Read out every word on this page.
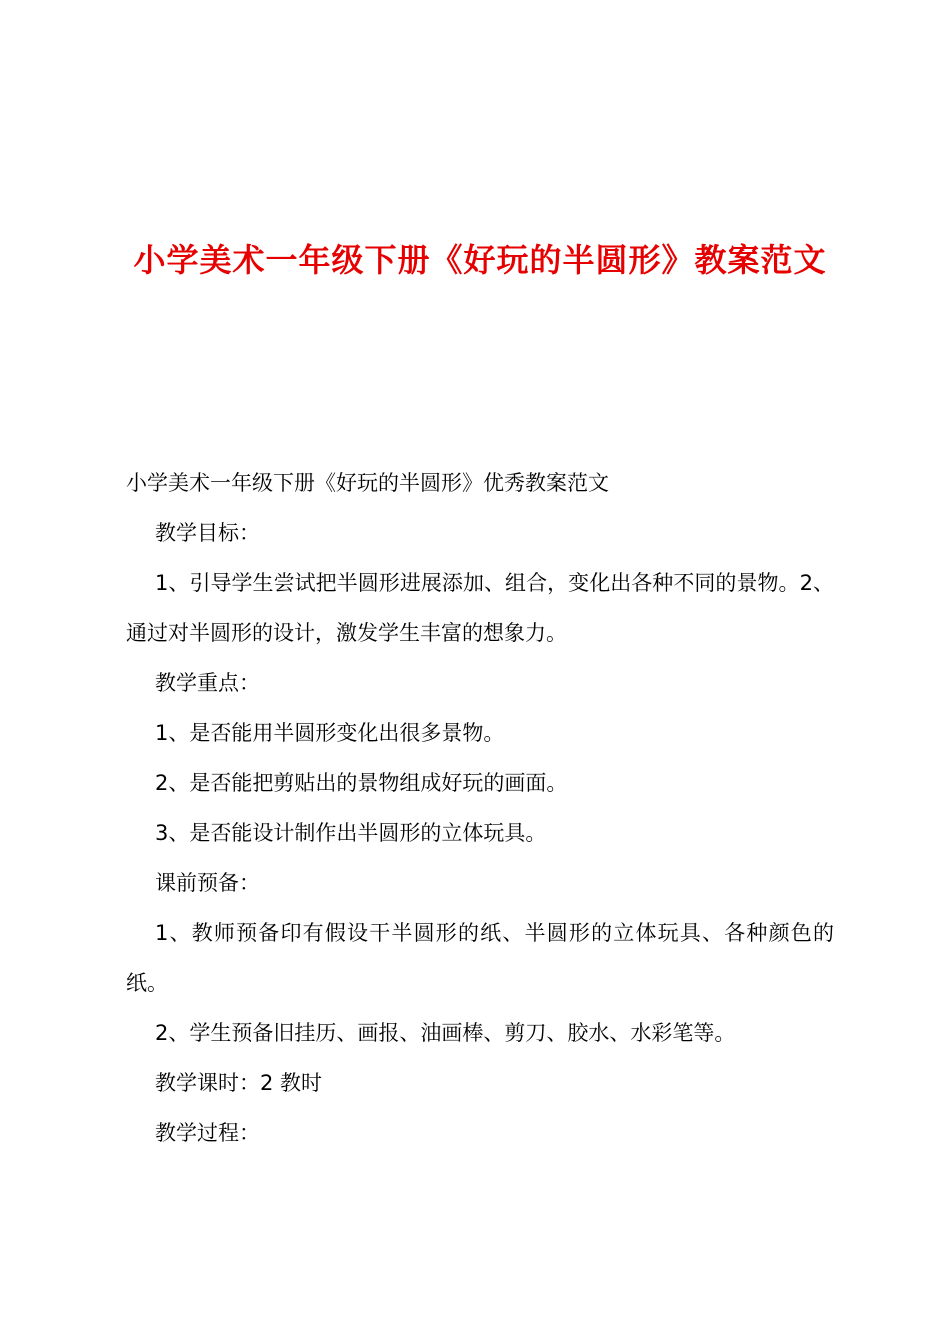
小学美术一年级下册《好玩的半圆形》教案范文

小学美术一年级下册《好玩的半圆形》优秀教案范文

教学目标：

1、引导学生尝试把半圆形进展添加、组合，变化出各种不同的景物。2、通过对半圆形的设计，激发学生丰富的想象力。

教学重点：

1、是否能用半圆形变化出很多景物。

2、是否能把剪贴出的景物组成好玩的画面。

3、是否能设计制作出半圆形的立体玩具。

课前预备：

1、教师预备印有假设干半圆形的纸、半圆形的立体玩具、各种颜色的纸。

2、学生预备旧挂历、画报、油画棒、剪刀、胶水、水彩笔等。

教学课时：2 教时

教学过程：
